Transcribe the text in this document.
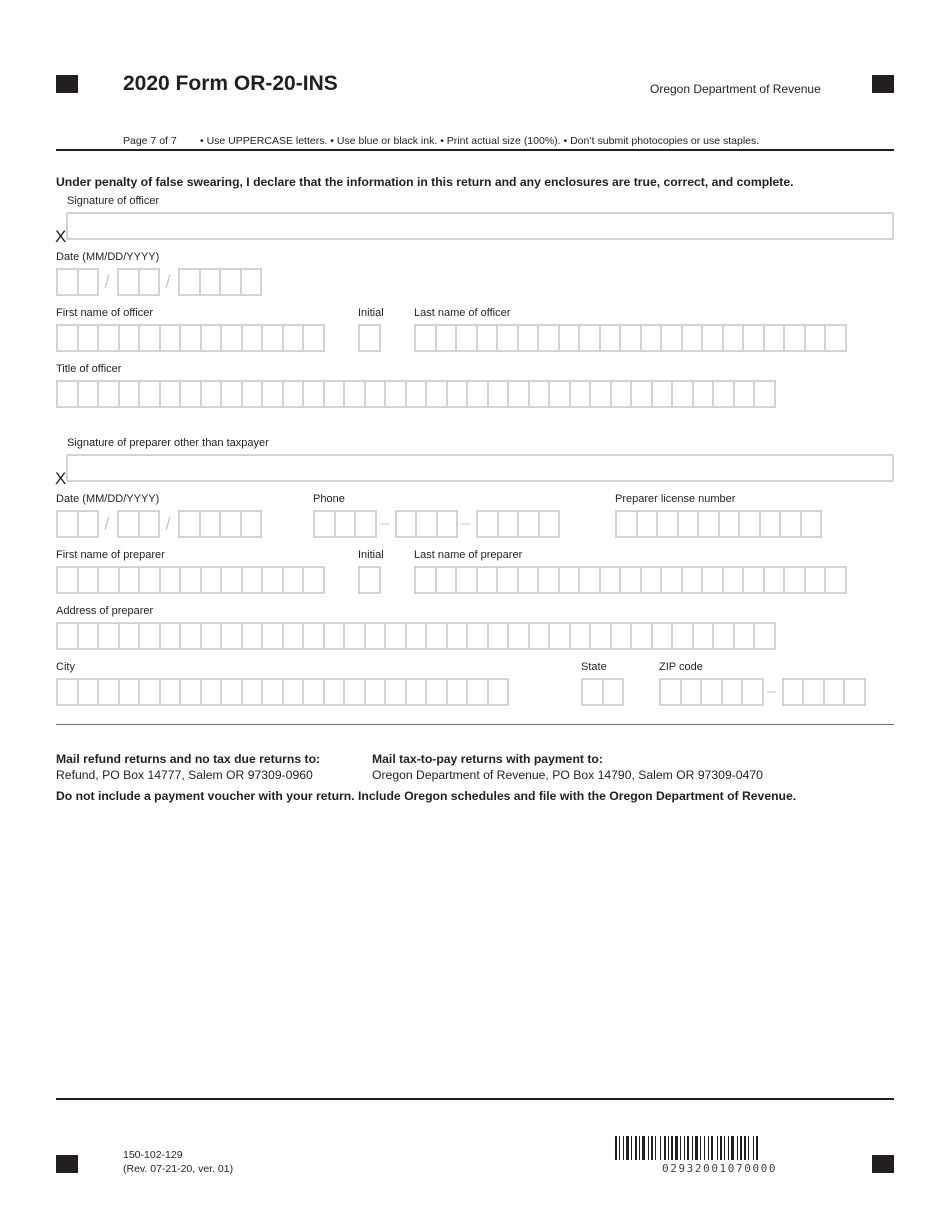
2020 Form OR-20-INS	Oregon Department of Revenue
Page 7 of 7 • Use UPPERCASE letters. • Use blue or black ink. • Print actual size (100%). • Don’t submit photocopies or use staples.
Under penalty of false swearing, I declare that the information in this return and any enclosures are true, correct, and complete.
Signature of officer
X
Date (MM/DD/YYYY)
/	/
First name of officer	Initial	Last name of officer
Title of officer
Signature of preparer other than taxpayer
X
Date (MM/DD/YYYY)	Phone	Preparer license number
/	/	–	–
First name of preparer	Initial	Last name of preparer
Address of preparer
City	State	ZIP code
–
Mail refund returns and no tax due returns to:
Refund, PO Box 14777, Salem OR 97309-0960
Mail tax-to-pay returns with payment to:
Oregon Department of Revenue, PO Box 14790, Salem OR 97309-0470
Do not include a payment voucher with your return. Include Oregon schedules and file with the Oregon Department of Revenue.
150-102-129
(Rev. 07-21-20, ver. 01)	02932001070000
